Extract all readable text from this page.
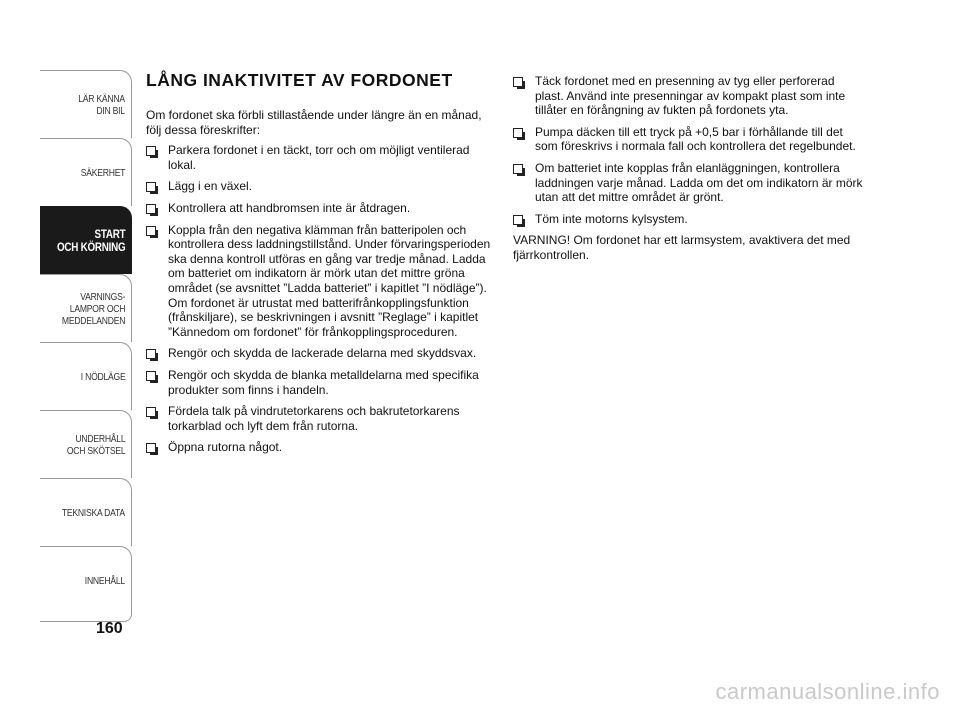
LÄR KÄNNA
DIN BIL
SÄKERHET
START
OCH KÖRNING
VARNINGS-
LAMPOR OCH
MEDDELANDEN
I NÖDLÄGE
UNDERHÅLL
OCH SKÖTSEL
TEKNISKA DATA
INNEHÅLL
160
LÅNG INAKTIVITET AV FORDONET

Om fordonet ska förbli stillastående under längre än en månad, följ dessa föreskrifter:

Parkera fordonet i en täckt, torr och om möjligt ventilerad lokal.
Lägg i en växel.
Kontrollera att handbromsen inte är åtdragen.
Koppla från den negativa klämman från batteripolen och kontrollera dess laddningstillstånd. Under förvaringsperioden ska denna kontroll utföras en gång var tredje månad. Ladda om batteriet om indikatorn är mörk utan det mittre gröna området (se avsnittet ”Ladda batteriet” i kapitlet ”I nödläge”). Om fordonet är utrustat med batterifrånkopplingsfunktion (frånskiljare), se beskrivningen i avsnitt ”Reglage” i kapitlet ”Kännedom om fordonet” för frånkopplingsproceduren.
Rengör och skydda de lackerade delarna med skyddsvax.
Rengör och skydda de blanka metalldelarna med specifika produkter som finns i handeln.
Fördela talk på vindrutetorkarens och bakrutetorkarens torkarblad och lyft dem från rutorna.
Öppna rutorna något.
Täck fordonet med en presenning av tyg eller perforerad plast. Använd inte presenningar av kompakt plast som inte tillåter en förångning av fukten på fordonets yta.
Pumpa däcken till ett tryck på +0,5 bar i förhållande till det som föreskrivs i normala fall och kontrollera det regelbundet.
Om batteriet inte kopplas från elanläggningen, kontrollera laddningen varje månad. Ladda om det om indikatorn är mörk utan att det mittre området är grönt.
Töm inte motorns kylsystem.

VARNING! Om fordonet har ett larmsystem, avaktivera det med fjärrkontrollen.

carmanualsonline.info
